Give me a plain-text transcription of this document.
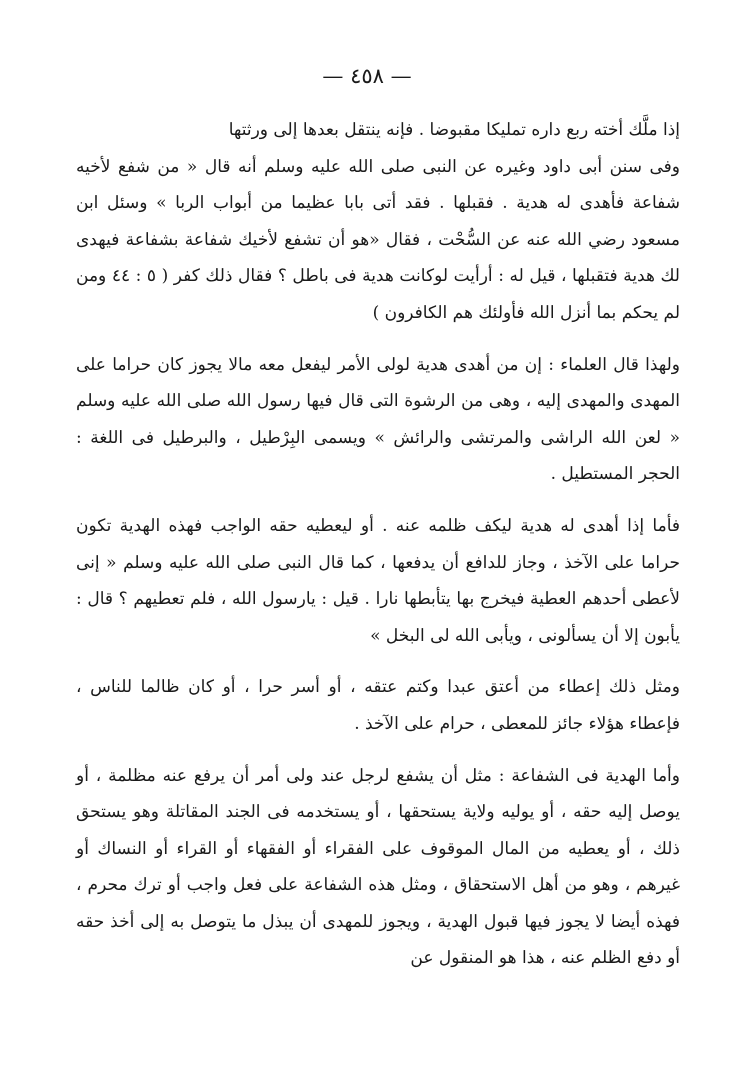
— ٤٥٨ —

إذا ملَّك أخته ربع داره تمليكا مقبوضا . فإنه ينتقل بعدها إلى ورثتها

وفى سنن أبى داود وغيره عن النبى صلى الله عليه وسلم أنه قال « من شفع لأخيه شفاعة فأهدى له هدية . فقبلها . فقد أتى بابا عظيما من أبواب الربا » وسئل ابن مسعود رضي الله عنه عن السُّحْت ، فقال «هو أن تشفع لأخيك شفاعة بشفاعة فيهدى لك هدية فتقبلها ، قيل له : أرأيت لوكانت هدية فى باطل ؟ فقال ذلك كفر ( ٥ : ٤٤ ومن لم يحكم بما أنزل الله فأولئك هم الكافرون )

ولهذا قال العلماء : إن من أهدى هدية لولى الأمر ليفعل معه مالا يجوز كان حراما على المهدى والمهدى إليه ، وهى من الرشوة التى قال فيها رسول الله صلى الله عليه وسلم « لعن الله الراشى والمرتشى والرائش » ويسمى البِرْطيل ، والبرطيل فى اللغة : الحجر المستطيل .

فأما إذا أهدى له هدية ليكف ظلمه عنه . أو ليعطيه حقه الواجب فهذه الهدية تكون حراما على الآخذ ، وجاز للدافع أن يدفعها ، كما قال النبى صلى الله عليه وسلم « إنى لأعطى أحدهم العطية فيخرج بها يتأبطها نارا . قيل : يارسول الله ، فلم تعطيهم ؟ قال : يأبون إلا أن يسألونى ، ويأبى الله لى البخل »

ومثل ذلك إعطاء من أعتق عبدا وكتم عتقه ، أو أسر حرا ، أو كان ظالما للناس ، فإعطاء هؤلاء جائز للمعطى ، حرام على الآخذ .

وأما الهدية فى الشفاعة : مثل أن يشفع لرجل عند ولى أمر أن يرفع عنه مظلمة ، أو يوصل إليه حقه ، أو يوليه ولاية يستحقها ، أو يستخدمه فى الجند المقاتلة وهو يستحق ذلك ، أو يعطيه من المال الموقوف على الفقراء أو الفقهاء أو القراء أو النساك أو غيرهم ، وهو من أهل الاستحقاق ، ومثل هذه الشفاعة على فعل واجب أو ترك محرم ، فهذه أيضا لا يجوز فيها قبول الهدية ، ويجوز للمهدى أن يبذل ما يتوصل به إلى أخذ حقه أو دفع الظلم عنه ، هذا هو المنقول عن
